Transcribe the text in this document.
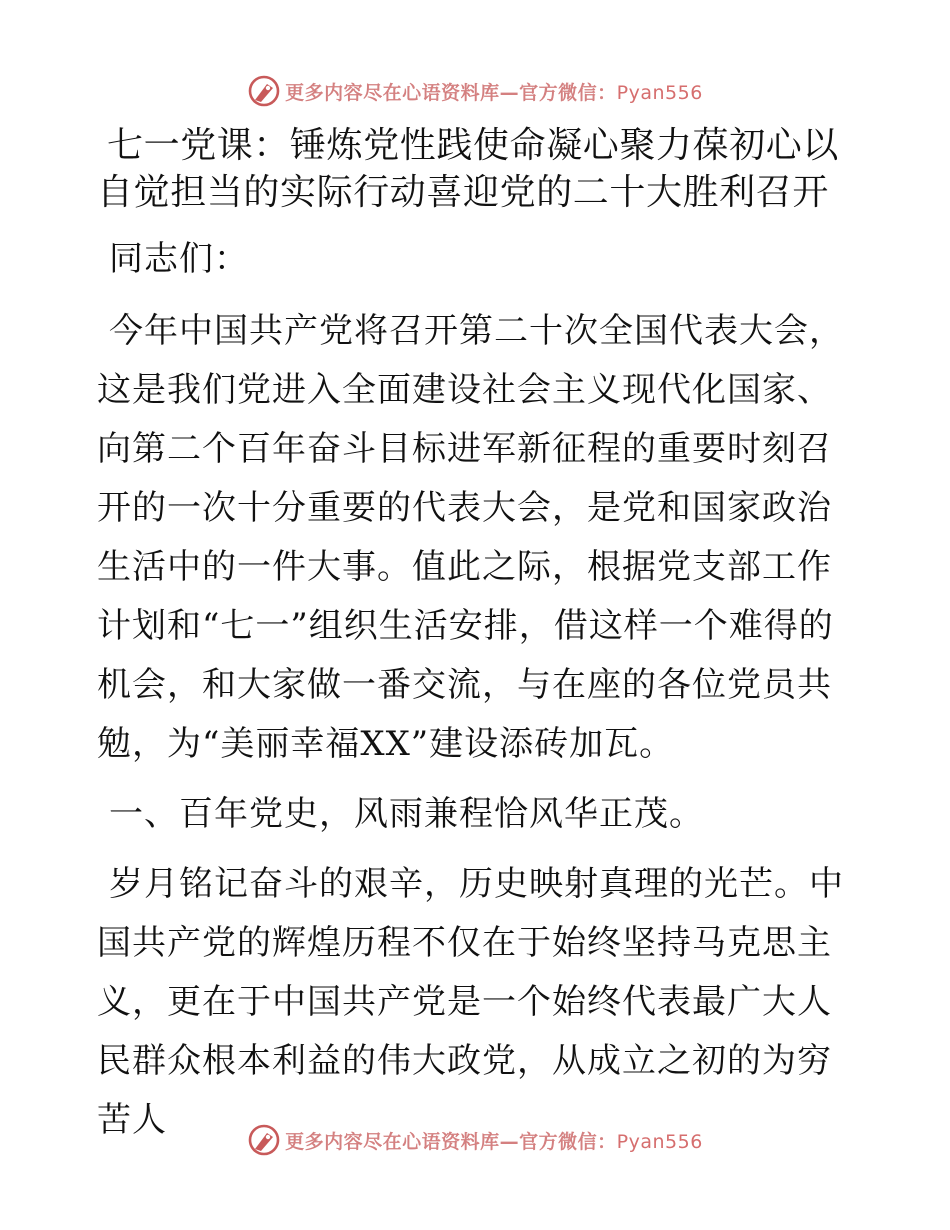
更多内容尽在心语资料库—官方微信：Pyan556
七一党课：锤炼党性践使命凝心聚力葆初心以自觉担当的实际行动喜迎党的二十大胜利召开

同志们：

今年中国共产党将召开第二十次全国代表大会，这是我们党进入全面建设社会主义现代化国家、向第二个百年奋斗目标进军新征程的重要时刻召开的一次十分重要的代表大会，是党和国家政治生活中的一件大事。值此之际，根据党支部工作计划和“七一”组织生活安排，借这样一个难得的机会，和大家做一番交流，与在座的各位党员共勉，为“美丽幸福XX”建设添砖加瓦。

一、百年党史，风雨兼程恰风华正茂。

岁月铭记奋斗的艰辛，历史映射真理的光芒。中国共产党的辉煌历程不仅在于始终坚持马克思主义，更在于中国共产党是一个始终代表最广大人民群众根本利益的伟大政党，从成立之初的为穷苦人

更多内容尽在心语资料库—官方微信：Pyan556
